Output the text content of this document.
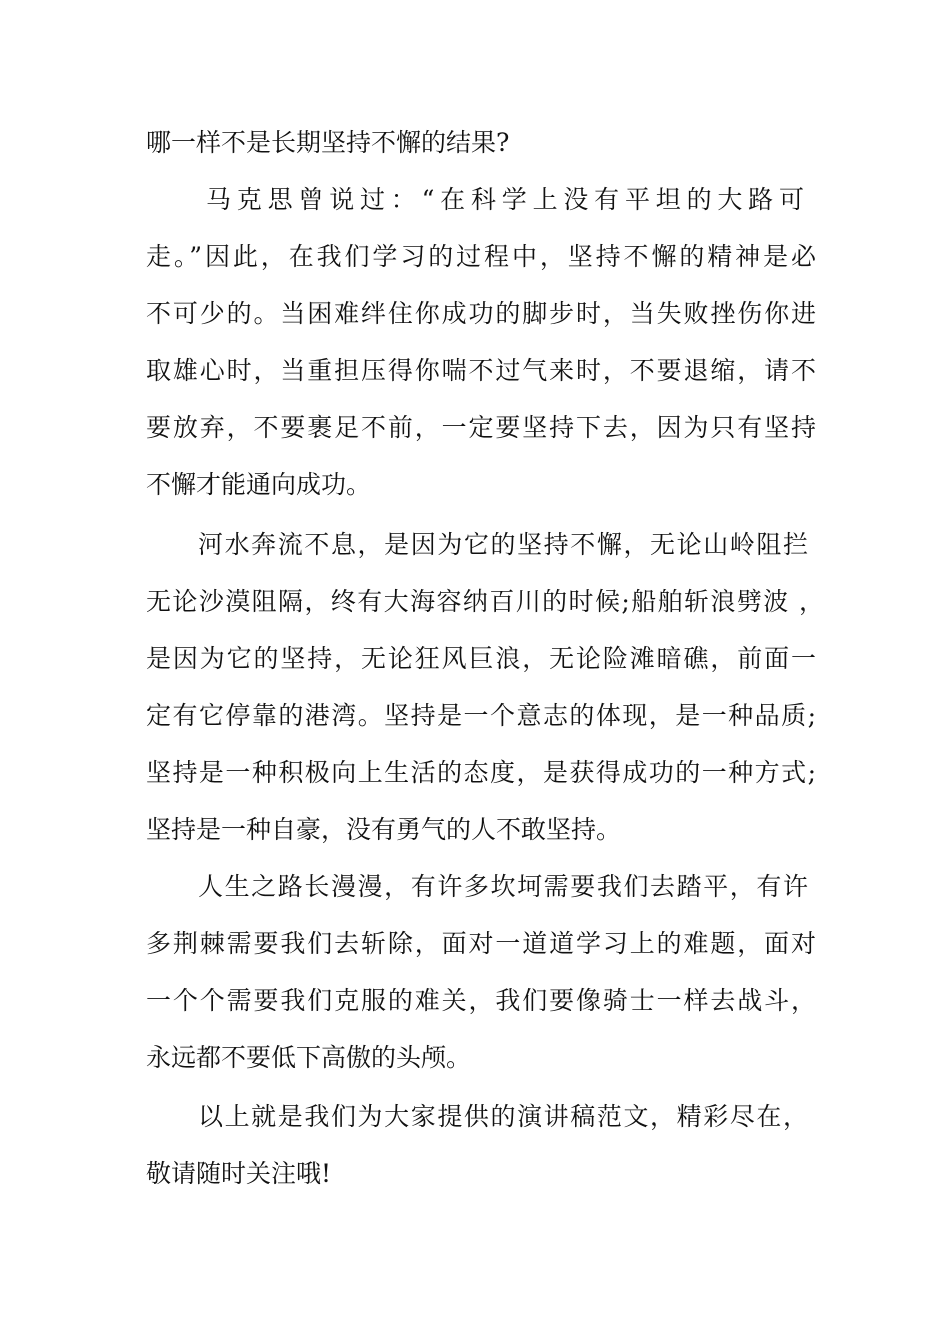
哪一样不是长期坚持不懈的结果?
马克思曾说过：“在科学上没有平坦的大路可
走。”因此，在我们学习的过程中，坚持不懈的精神是必
不可少的。当困难绊住你成功的脚步时，当失败挫伤你进
取雄心时，当重担压得你喘不过气来时，不要退缩，请不
要放弃，不要裹足不前，一定要坚持下去，因为只有坚持
不懈才能通向成功。
河水奔流不息，是因为它的坚持不懈，无论山岭阻拦
无论沙漠阻隔，终有大海容纳百川的时候;船舶斩浪劈波 ，
是因为它的坚持，无论狂风巨浪，无论险滩暗礁，前面一
定有它停靠的港湾。坚持是一个意志的体现，是一种品质;
坚持是一种积极向上生活的态度，是获得成功的一种方式;
坚持是一种自豪，没有勇气的人不敢坚持。
人生之路长漫漫，有许多坎坷需要我们去踏平，有许
多荆棘需要我们去斩除，面对一道道学习上的难题，面对
一个个需要我们克服的难关，我们要像骑士一样去战斗，
永远都不要低下高傲的头颅。
以上就是我们为大家提供的演讲稿范文，精彩尽在，
敬请随时关注哦!
